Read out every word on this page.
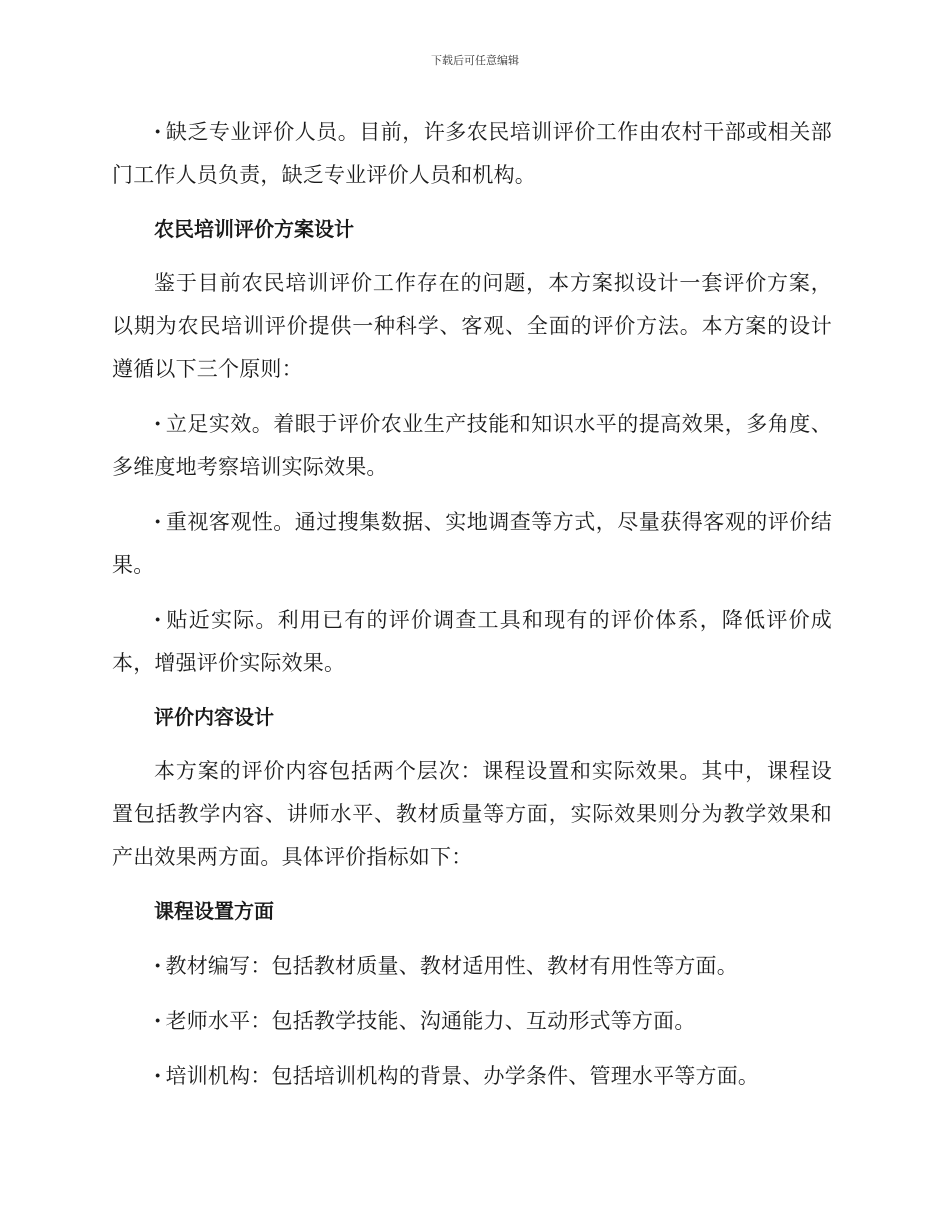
下载后可任意编辑

· 缺乏专业评价人员。目前，许多农民培训评价工作由农村干部或相关部门工作人员负责，缺乏专业评价人员和机构。

农民培训评价方案设计

鉴于目前农民培训评价工作存在的问题，本方案拟设计一套评价方案，以期为农民培训评价提供一种科学、客观、全面的评价方法。本方案的设计遵循以下三个原则：

· 立足实效。着眼于评价农业生产技能和知识水平的提高效果，多角度、多维度地考察培训实际效果。

· 重视客观性。通过搜集数据、实地调查等方式，尽量获得客观的评价结果。

· 贴近实际。利用已有的评价调查工具和现有的评价体系，降低评价成本，增强评价实际效果。

评价内容设计

本方案的评价内容包括两个层次：课程设置和实际效果。其中，课程设置包括教学内容、讲师水平、教材质量等方面，实际效果则分为教学效果和产出效果两方面。具体评价指标如下：

课程设置方面

· 教材编写：包括教材质量、教材适用性、教材有用性等方面。

· 老师水平：包括教学技能、沟通能力、互动形式等方面。

· 培训机构：包括培训机构的背景、办学条件、管理水平等方面。
